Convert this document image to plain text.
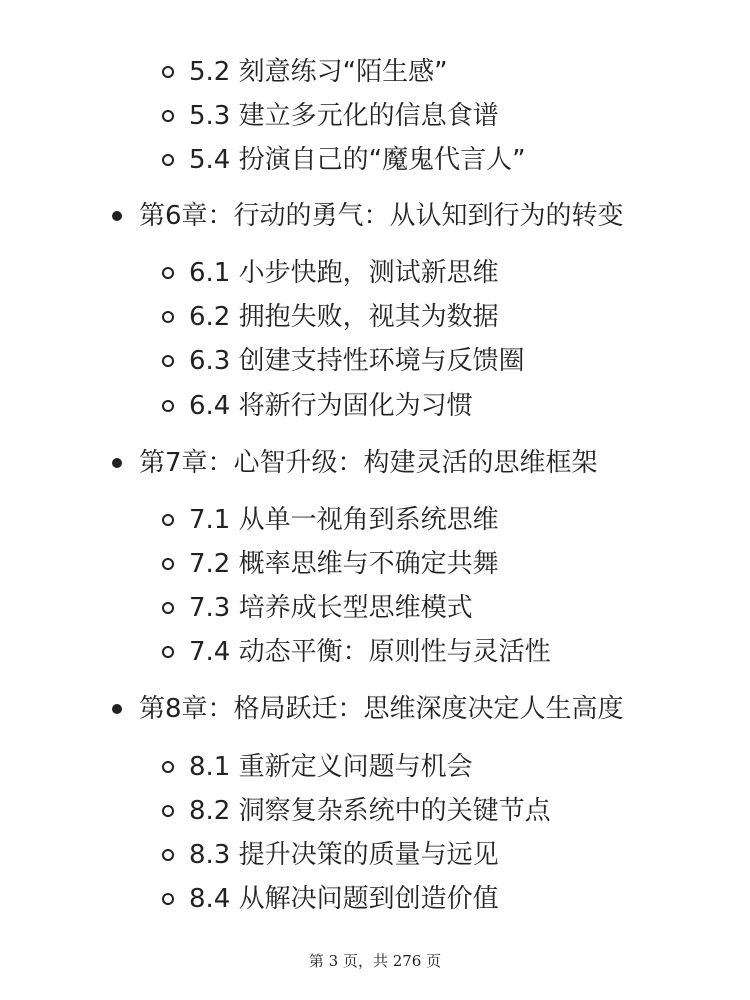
5.2 刻意练习“陌生感”
5.3 建立多元化的信息食谱
5.4 扮演自己的“魔鬼代言人”
第6章：行动的勇气：从认知到行为的转变
6.1 小步快跑，测试新思维
6.2 拥抱失败，视其为数据
6.3 创建支持性环境与反馈圈
6.4 将新行为固化为习惯
第7章：心智升级：构建灵活的思维框架
7.1 从单一视角到系统思维
7.2 概率思维与不确定共舞
7.3 培养成长型思维模式
7.4 动态平衡：原则性与灵活性
第8章：格局跃迁：思维深度决定人生高度
8.1 重新定义问题与机会
8.2 洞察复杂系统中的关键节点
8.3 提升决策的质量与远见
8.4 从解决问题到创造价值
第 3 页，共 276 页
